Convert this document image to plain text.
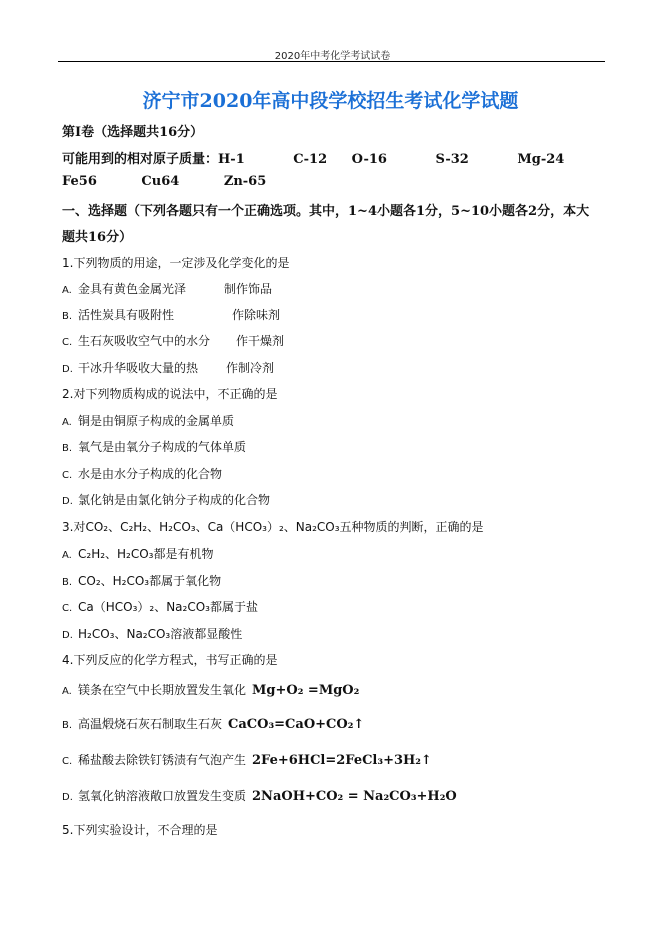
2020年中考化学考试试卷
济宁市2020年高中段学校招生考试化学试题
第Ⅰ卷（选择题共16分）
可能用到的相对原子质量：H-1	C-12 O-16	S-32	Mg-24
Fe56	Cu64	Zn-65
一、选择题（下列各题只有一个正确选项。其中，1~4小题各1分，5~10小题各2分，本大
题共16分）
1.下列物质的用途，一定涉及化学变化的是
A. 金具有黄色金属光泽	制作饰品
B. 活性炭具有吸附性	作除味剂
C. 生石灰吸收空气中的水分 作干燥剂
D. 干冰升华吸收大量的热 作制冷剂
2.对下列物质构成的说法中，不正确的是
A. 铜是由铜原子构成的金属单质
B. 氧气是由氧分子构成的气体单质
C. 水是由水分子构成的化合物
D. 氯化钠是由氯化钠分子构成的化合物
3.对CO₂、C₂H₂、H₂CO₃、Ca（HCO₃）₂、Na₂CO₃五种物质的判断，正确的是
A. C₂H₂、H₂CO₃都是有机物
B. CO₂、H₂CO₃都属于氧化物
C. Ca（HCO₃）₂、Na₂CO₃都属于盐
D. H₂CO₃、Na₂CO₃溶液都显酸性
4.下列反应的化学方程式，书写正确的是
A. 镁条在空气中长期放置发生氧化 Mg+O₂ =MgO₂
B. 高温煅烧石灰石制取生石灰 CaCO₃=CaO+CO₂↑
C. 稀盐酸去除铁钉锈渍有气泡产生 2Fe+6HCl=2FeCl₃+3H₂↑
D. 氢氧化钠溶液敞口放置发生变质 2NaOH+CO₂ = Na₂CO₃+H₂O
5.下列实验设计，不合理的是
